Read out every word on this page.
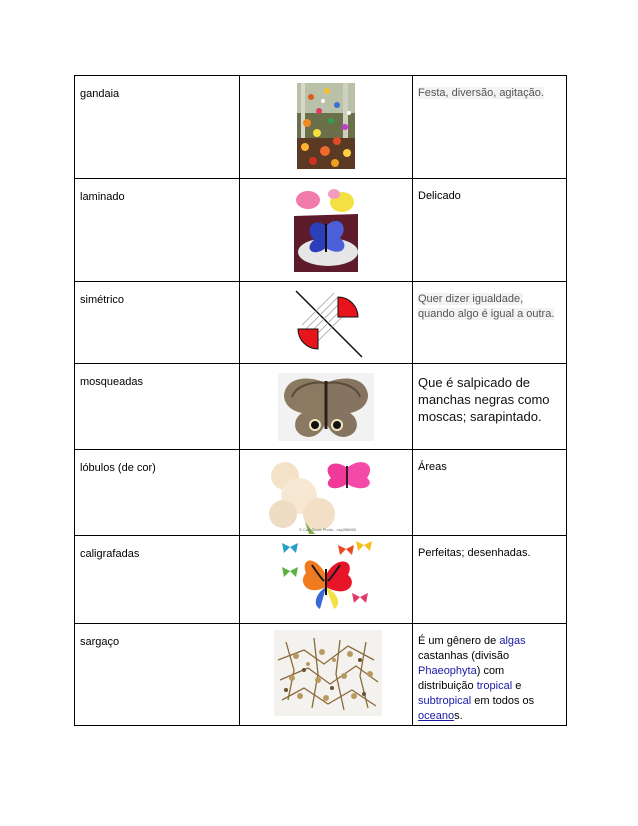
gandaia		Festa, diversão, agitação.

laminado		Delicado

simétrico		Quer dizer igualdade, quando algo é igual a outra.

mosqueadas		Que é salpicado de manchas negras como moscas; sarapintado.

lóbulos (de cor)	© Can Stock Photo - csp286600	Áreas

caligrafadas		Perfeitas; desenhadas.

sargaço		É um gênero de algas castanhas (divisão Phaeophyta) com distribuição tropical e subtropical em todos os oceanos.
